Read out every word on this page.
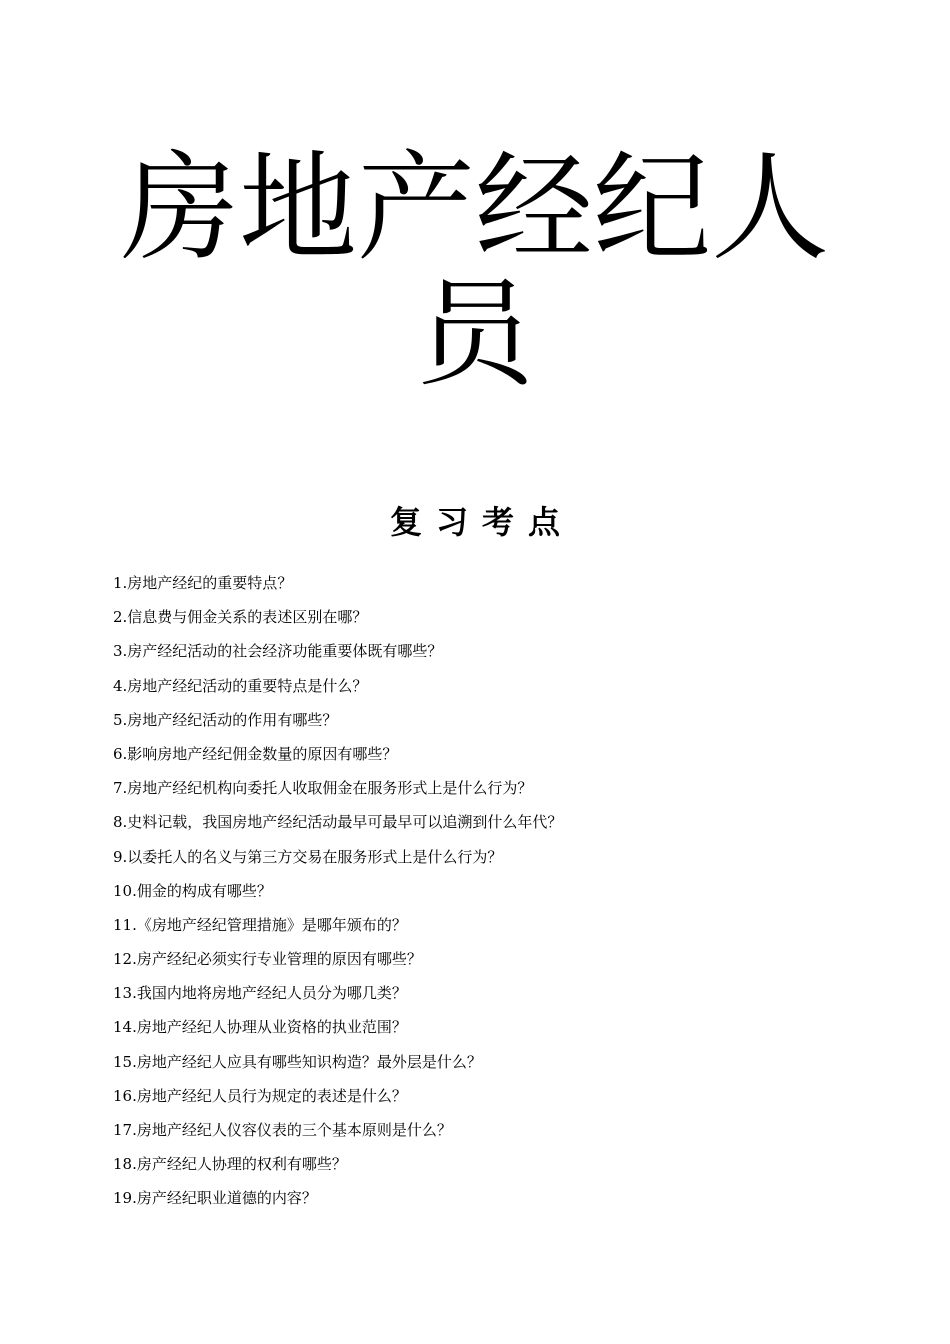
房地产经纪人员
复习考点
1.房地产经纪的重要特点？
2.信息费与佣金关系的表述区别在哪？
3.房产经纪活动的社会经济功能重要体既有哪些？
4.房地产经纪活动的重要特点是什么？
5.房地产经纪活动的作用有哪些？
6.影响房地产经纪佣金数量的原因有哪些？
7.房地产经纪机构向委托人收取佣金在服务形式上是什么行为？
8.史料记载，我国房地产经纪活动最早可最早可以追溯到什么年代？
9.以委托人的名义与第三方交易在服务形式上是什么行为？
10.佣金的构成有哪些？
11.《房地产经纪管理措施》是哪年颁布的？
12.房产经纪必须实行专业管理的原因有哪些？
13.我国内地将房地产经纪人员分为哪几类？
14.房地产经纪人协理从业资格的执业范围？
15.房地产经纪人应具有哪些知识构造？最外层是什么？
16.房地产经纪人员行为规定的表述是什么？
17.房地产经纪人仪容仪表的三个基本原则是什么？
18.房产经纪人协理的权利有哪些？
19.房产经纪职业道德的内容？
